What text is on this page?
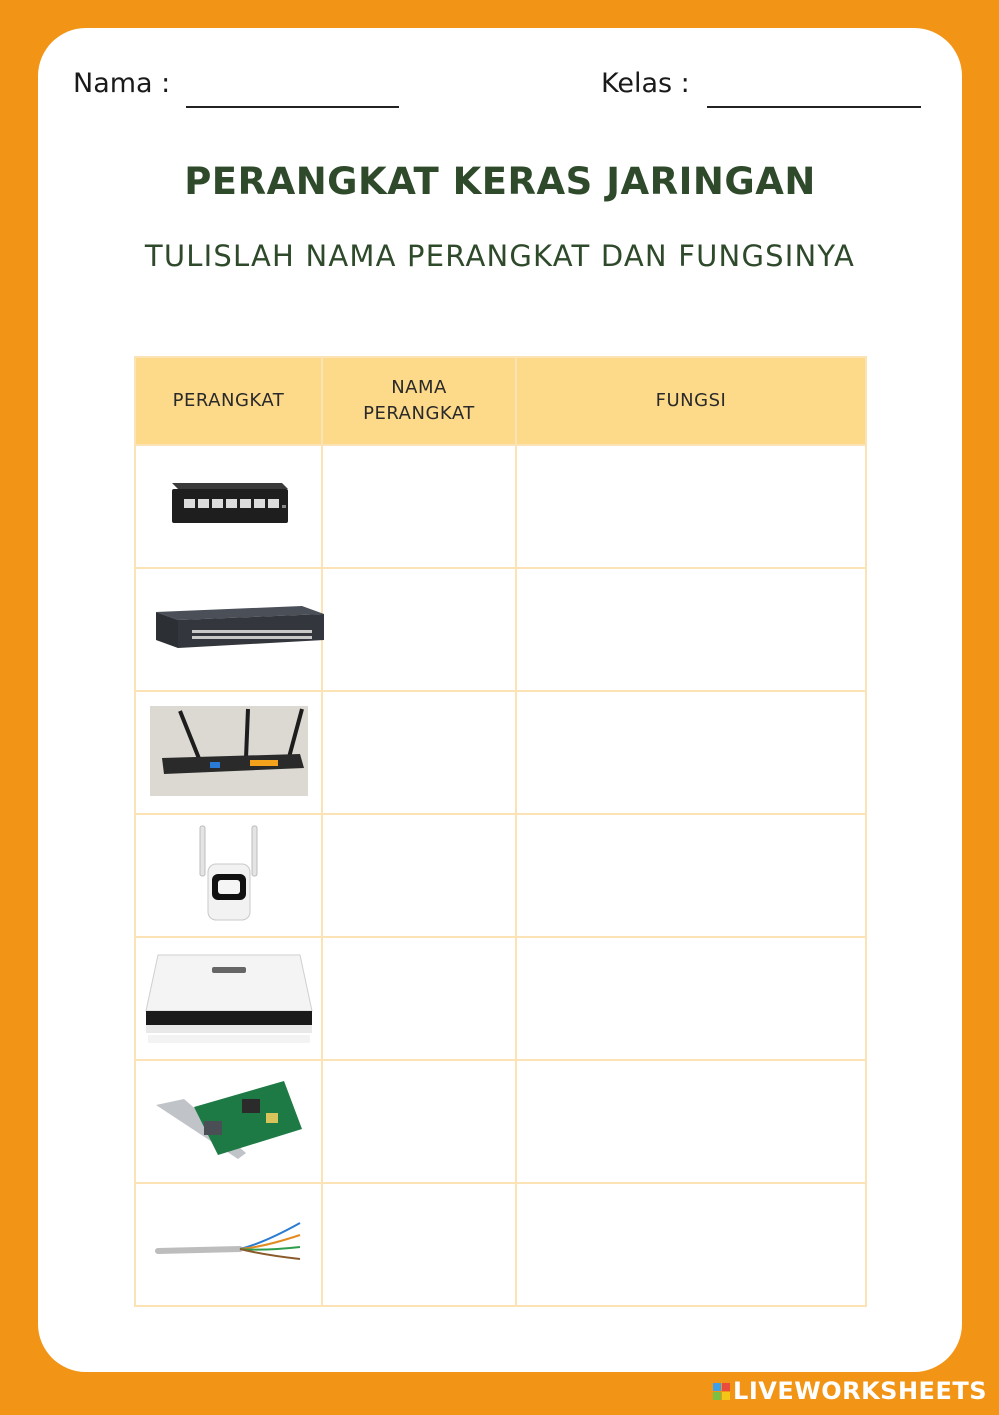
Nama :	Kelas :
PERANGKAT KERAS JARINGAN
TULISLAH NAMA PERANGKAT DAN FUNGSINYA
PERANGKAT	NAMA PERANGKAT	FUNGSI

LIVEWORKSHEETS
